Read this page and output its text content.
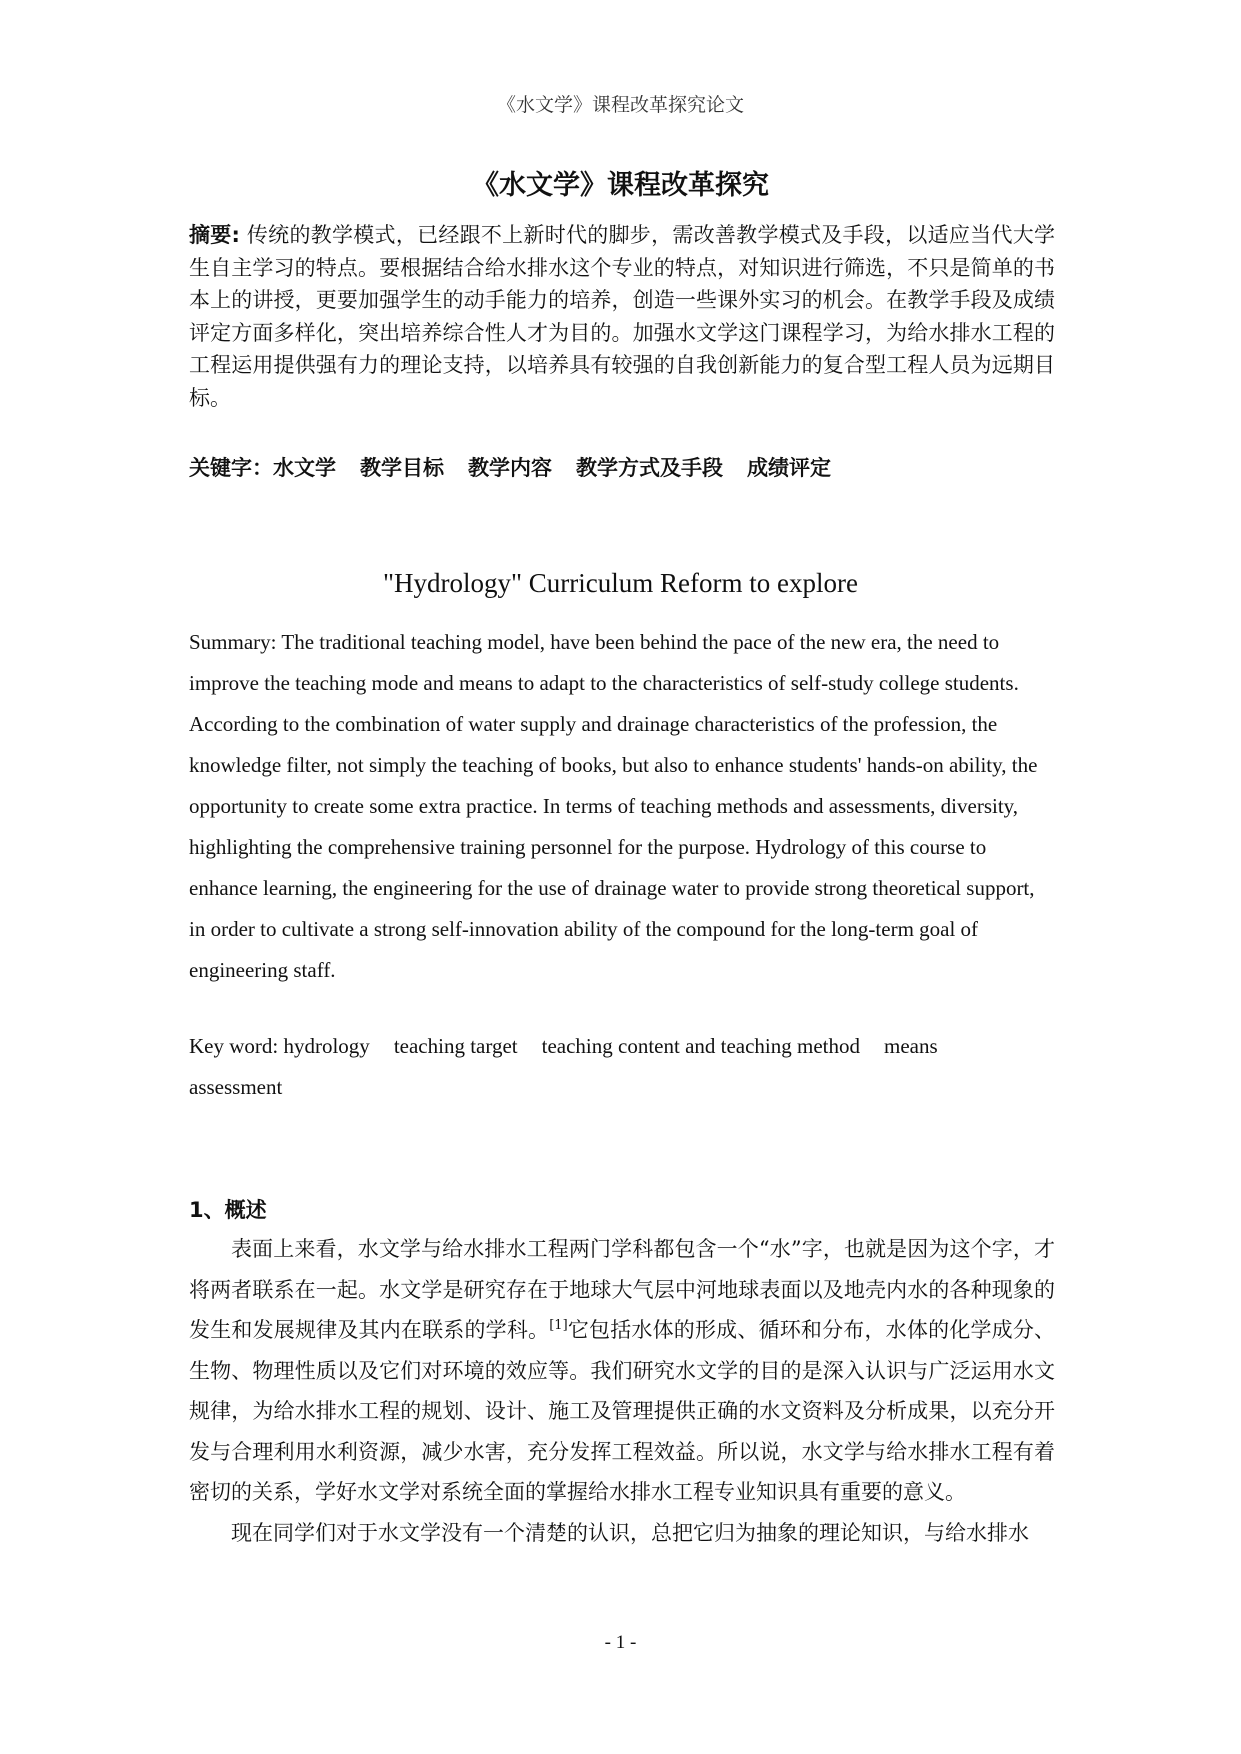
《水文学》课程改革探究论文
《水文学》课程改革探究
摘要: 传统的教学模式，已经跟不上新时代的脚步，需改善教学模式及手段，以适应当代大学生自主学习的特点。要根据结合给水排水这个专业的特点，对知识进行筛选，不只是简单的书本上的讲授，更要加强学生的动手能力的培养，创造一些课外实习的机会。在教学手段及成绩评定方面多样化，突出培养综合性人才为目的。加强水文学这门课程学习，为给水排水工程的工程运用提供强有力的理论支持，以培养具有较强的自我创新能力的复合型工程人员为远期目标。
关键字：水文学 教学目标 教学内容 教学方式及手段 成绩评定
"Hydrology" Curriculum Reform to explore
Summary: The traditional teaching model, have been behind the pace of the new era, the need to improve the teaching mode and means to adapt to the characteristics of self-study college students. According to the combination of water supply and drainage characteristics of the profession, the knowledge filter, not simply the teaching of books, but also to enhance students' hands-on ability, the opportunity to create some extra practice. In terms of teaching methods and assessments, diversity, highlighting the comprehensive training personnel for the purpose. Hydrology of this course to enhance learning, the engineering for the use of drainage water to provide strong theoretical support, in order to cultivate a strong self-innovation ability of the compound for the long-term goal of engineering staff.
Key word: hydrology teaching target teaching content and teaching method means
assessment
1、概述

表面上来看，水文学与给水排水工程两门学科都包含一个“水”字，也就是因为这个字，才将两者联系在一起。水文学是研究存在于地球大气层中河地球表面以及地壳内水的各种现象的发生和发展规律及其内在联系的学科。[1]它包括水体的形成、循环和分布，水体的化学成分、生物、物理性质以及它们对环境的效应等。我们研究水文学的目的是深入认识与广泛运用水文规律，为给水排水工程的规划、设计、施工及管理提供正确的水文资料及分析成果，以充分开发与合理利用水利资源，减少水害，充分发挥工程效益。所以说，水文学与给水排水工程有着密切的关系，学好水文学对系统全面的掌握给水排水工程专业知识具有重要的意义。

现在同学们对于水文学没有一个清楚的认识，总把它归为抽象的理论知识，与给水排水

- 1 -
